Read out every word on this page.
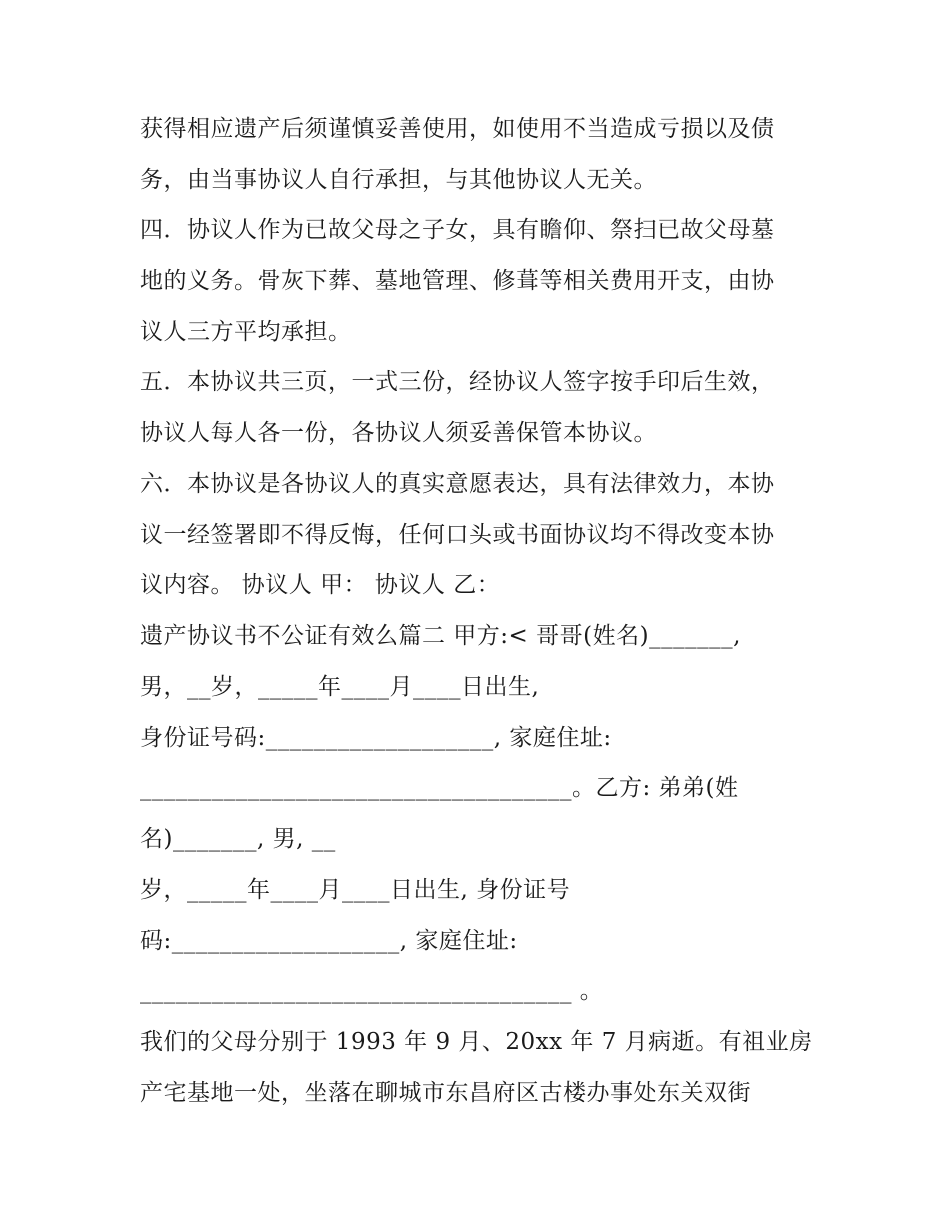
获得相应遗产后须谨慎妥善使用，如使用不当造成亏损以及债

务，由当事协议人自行承担，与其他协议人无关。

四．协议人作为已故父母之子女，具有瞻仰、祭扫已故父母墓

地的义务。骨灰下葬、墓地管理、修葺等相关费用开支，由协

议人三方平均承担。

五．本协议共三页，一式三份，经协议人签字按手印后生效，

协议人每人各一份，各协议人须妥善保管本协议。

六．本协议是各协议人的真实意愿表达，具有法律效力，本协

议一经签署即不得反悔，任何口头或书面协议均不得改变本协

议内容。 协议人 甲： 协议人 乙：

遗产协议书不公证有效么篇二 甲方:< 哥哥(姓名)_______,

男，__岁，_____年____月____日出生,

身份证号码:___________________, 家庭住址:

____________________________________。乙方: 弟弟(姓

名)_______, 男, __

岁，_____年____月____日出生, 身份证号

码:___________________, 家庭住址:

____________________________________ 。

我们的父母分别于 1993 年 9 月、20xx 年 7 月病逝。有祖业房

产宅基地一处，坐落在聊城市东昌府区古楼办事处东关双街
